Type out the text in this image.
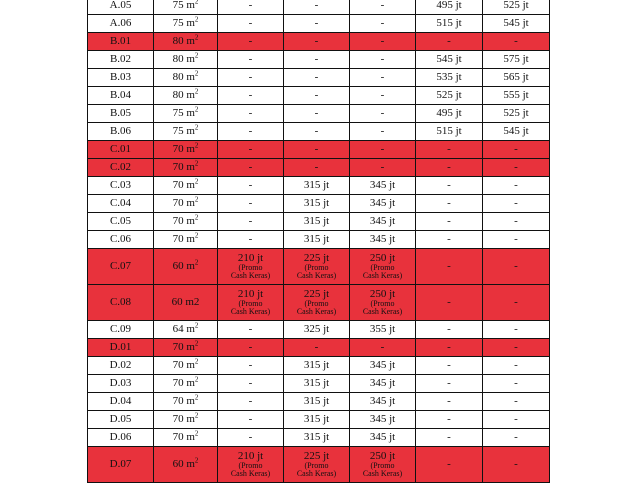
A.05	75 $m^2$	-	-	-	495 jt	525 jt
A.06	75 $m^2$	-	-	-	515 jt	545 jt
B.01	80 $m^2$	-	-	-	-	-
B.02	80 $m^2$	-	-	-	545 jt	575 jt
B.03	80 $m^2$	-	-	-	535 jt	565 jt
B.04	80 $m^2$	-	-	-	525 jt	555 jt
B.05	75 $m^2$	-	-	-	495 jt	525 jt
B.06	75 $m^2$	-	-	-	515 jt	545 jt
C.01	70 $m^2$	-	-	-	-	-
C.02	70 $m^2$	-	-	-	-	-
C.03	70 $m^2$	-	315 jt	345 jt	-	-
C.04	70 $m^2$	-	315 jt	345 jt	-	-
C.05	70 $m^2$	-	315 jt	345 jt	-	-
C.06	70 $m^2$	-	315 jt	345 jt	-	-
C.07	60 $m^2$	210 jt
(Promo
Cash Keras)	225 jt
(Promo
Cash Keras)	250 jt
(Promo
Cash Keras)	-	-
C.08	60 m2	210 jt
(Promo
Cash Keras)	225 jt
(Promo
Cash Keras)	250 jt
(Promo
Cash Keras)	-	-
C.09	64 $m^2$	-	325 jt	355 jt	-	-
D.01	70 $m^2$	-	-	-	-	-
D.02	70 $m^2$	-	315 jt	345 jt	-	-
D.03	70 $m^2$	-	315 jt	345 jt	-	-
D.04	70 $m^2$	-	315 jt	345 jt	-	-
D.05	70 $m^2$	-	315 jt	345 jt	-	-
D.06	70 $m^2$	-	315 jt	345 jt	-	-
D.07	60 $m^2$	210 jt
(Promo
Cash Keras)	225 jt
(Promo
Cash Keras)	250 jt
(Promo
Cash Keras)	-	-
